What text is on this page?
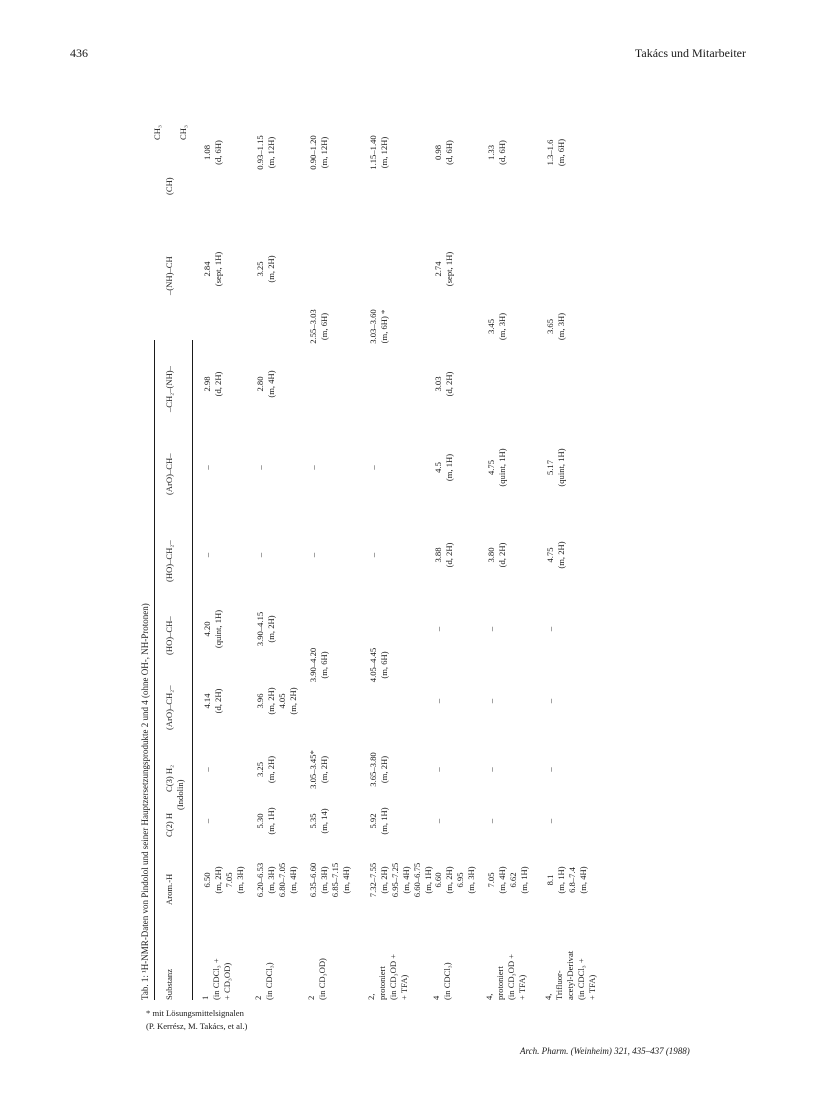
436	Takács und Mitarbeiter
Tab. 1: ¹H-NMR-Daten von Pindolol und seiner Hauptzersetzungsprodukte 2 und 4 (ohne OH-, NH-Protonen) Substanz
Arom.-H
C(2) H
C(3) H₂
(Indolin)
(ArO)–CH₂–
(HO)–CH–
(HO)–CH₂–
(ArO)–CH–
–CH₂–(NH)–
–(NH)–CH
(CH)
CH₃ CH₃
1 (in CDCl₃ + + CD₃OD)
6.50 (m, 2H) 7.05 (m, 3H)
–
–
4.14 (d, 2H)
4.20 (quint, 1H)
–
–
2.98 (d, 2H)
2.84 (sept, 1H)
1.08 (d, 6H)
2 (in CDCl₃)
6.20–6.53 (m, 3H) 6.80–7.05 (m, 4H)
5.30 (m, 1H)
3.25 (m, 2H)
3.96 (m, 2H) 4.05 (m, 2H)
3.90–4.15 (m, 2H)
–
–
2.80 (m, 4H)
3.25 (m, 2H)
0.93–1.15 (m, 12H)
2 (in CD₃OD)
6.35–6.60 (m, 3H) 6.85–7.15 (m, 4H)
5.35 (m, 14)
3.05–3.45* (m, 2H)
3.90–4.20 (m, 6H)
–
–
2.55–3.03 (m, 6H)
0.90–1.20 (m, 12H)
2, protoniert (in CD₃OD + + TFA)
7.32–7.55 (m, 2H) 6.95–7.25 (m, 4H) 6.60–6.75 (m, 1H)
5.92 (m, 1H)
3.65–3.80 (m, 2H)
4.05–4.45 (m, 6H)
–
–
3.03–3.60 (m, 6H) *
1.15–1.40 (m, 12H)
4 (in CDCl₃)
6.60 (m, 2H) 6.95 (m, 3H)
–
–
–
–
3.88 (d, 2H)
4.5 (m, 1H)
3.03 (d, 2H)
2.74 (sept, 1H)
0.98 (d, 6H)
4, protoniert (in CD₃OD + + TFA)
7.05 (m, 4H) 6.62 (m, 1H)
–
–
–
–
3.80 (d, 2H)
4.75 (quint, 1H)
3.45 (m, 3H)
1.33 (d, 6H)
4, Trifluor- acetyl-Derivat (in CDCl₃ + + TFA)
8.1 (m, 1H) 6.8–7.4 (m, 4H)
–
–
–
–
4.75 (m, 2H)
5.17 (quint, 1H)
3.65 (m, 3H)
1.3–1.6 (m, 6H)
* mit Lösungsmittelsignalen
(P. Kerrész, M. Takács, et al.)
Arch. Pharm. (Weinheim) 321, 435–437 (1988)
